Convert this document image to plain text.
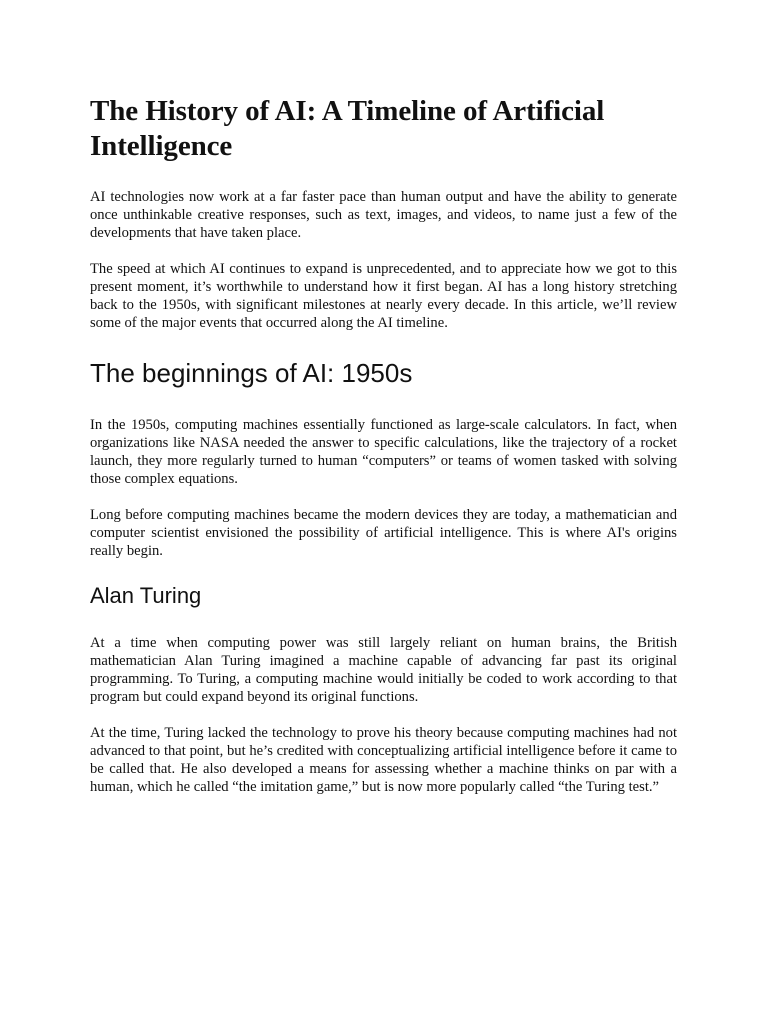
The History of AI: A Timeline of Artificial Intelligence

AI technologies now work at a far faster pace than human output and have the ability to generate once unthinkable creative responses, such as text, images, and videos, to name just a few of the developments that have taken place.

The speed at which AI continues to expand is unprecedented, and to appreciate how we got to this present moment, it’s worthwhile to understand how it first began. AI has a long history stretching back to the 1950s, with significant milestones at nearly every decade. In this article, we’ll review some of the major events that occurred along the AI timeline.

The beginnings of AI: 1950s

In the 1950s, computing machines essentially functioned as large-scale calculators. In fact, when organizations like NASA needed the answer to specific calculations, like the trajectory of a rocket launch, they more regularly turned to human “computers” or teams of women tasked with solving those complex equations.

Long before computing machines became the modern devices they are today, a mathematician and computer scientist envisioned the possibility of artificial intelligence. This is where AI's origins really begin.

Alan Turing

At a time when computing power was still largely reliant on human brains, the British mathematician Alan Turing imagined a machine capable of advancing far past its original programming. To Turing, a computing machine would initially be coded to work according to that program but could expand beyond its original functions.

At the time, Turing lacked the technology to prove his theory because computing machines had not advanced to that point, but he’s credited with conceptualizing artificial intelligence before it came to be called that. He also developed a means for assessing whether a machine thinks on par with a human, which he called “the imitation game,” but is now more popularly called “the Turing test.”
